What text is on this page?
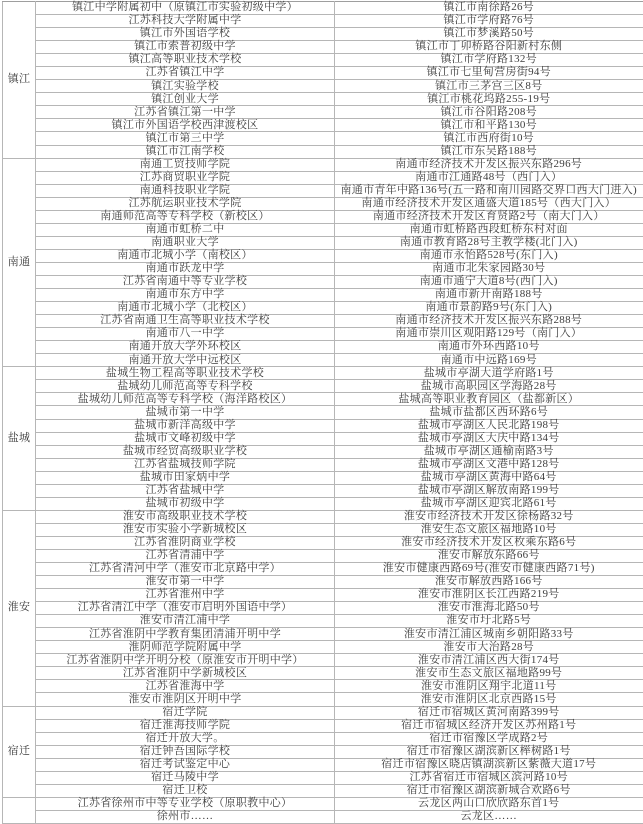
镇江	镇江中学附属初中（原镇江市实验初级中学）	镇江市南徐路26号
	江苏科技大学附属中学	镇江市学府路76号
	镇江市外国语学校	镇江市梦溪路50号
	镇江市索普初级中学	镇江市丁卯桥路谷阳新村东侧
	镇江高等职业技术学校	镇江市学府路132号
	江苏省镇江中学	镇江市七里甸营房街94号
	镇江实验学校	镇江市三茅宫三区8号
	镇江创业大学	镇江市桃花坞路255-19号
	江苏省镇江第一中学	镇江市谷阳路208号
	镇江市外国语学校西津渡校区	镇江市和平路130号
	镇江市第三中学	镇江市西府街10号
	镇江市江南学校	镇江市东吴路188号
南通	南通工贸技师学院	南通市经济技术开发区振兴东路296号
	江苏商贸职业学院	南通市江通路48号（西门入）
	南通科技职业学院	南通市青年中路136号(五一路和南川园路交界口西大门进入)
	江苏航运职业技术学院	南通市经济技术开发区通盛大道185号（西大门入）
	南通师范高等专科学校（新校区）	南通市经济技术开发区育贤路2号（南大门入）
	南通市虹桥二中	南通市虹桥路西段虹桥东村对面
	南通职业大学	南通市教育路28号主教学楼(北门入)
	南通市北城小学（南校区）	南通市永怡路528号(东门入)
	南通市跃龙中学	南通市北朱家园路30号
	江苏省南通中等专业学校	南通市通宁大道8号(西门入)
	南通市东方中学	南通市新开南路188号
	南通市北城小学（北校区）	南通市景韵路9号(东门入)
	江苏省南通卫生高等职业技术学校	南通市经济技术开发区振兴东路288号
	南通市八一中学	南通市崇川区观阳路129号（南门入）
	南通开放大学外环校区	南通市外环西路10号
	南通开放大学中远校区	南通市中远路169号
盐城	盐城生物工程高等职业技术学校	盐城市亭湖大道学府路1号
	盐城幼儿师范高等专科学校	盐城市高职园区学海路28号
	盐城幼儿师范高等专科学校（海洋路校区）	盐城高等职业教育园区（盐都新区）
	盐城市第一中学	盐城市盐都区西环路6号
	盐城市新洋高级中学	盐城市亭湖区人民北路198号
	盐城市文峰初级中学	盐城市亭湖区大庆中路134号
	盐城市经贸高级职业学校	盐城市亭湖区通榆南路3号
	江苏省盐城技师学院	盐城市亭湖区文港中路128号
	盐城市田家炳中学	盐城市亭湖区黄海中路64号
	江苏省盐城中学	盐城市亭湖区解放南路199号
	盐城市初级中学	盐城市亭湖区迎宾北路61号
淮安	淮安市高级职业技术学校	淮安市经济技术开发区徐杨路32号
	淮安市实验小学新城校区	淮安生态文旅区福地路10号
	江苏省淮阴商业学校	淮安市经济技术开发区枚乘东路6号
	江苏省清浦中学	淮安市解放东路66号
	江苏省清河中学（淮安市北京路中学）	淮安市健康西路69号(淮安市健康西路71号)
	淮安市第一中学	淮安市解放西路166号
	江苏省淮州中学	淮安市淮阴区长江西路219号
	江苏省清江中学（淮安市启明外国语中学）	淮安市淮海北路50号
	淮安市清江浦中学	淮安市圩北路5号
	江苏省淮阴中学教育集团清浦开明中学	淮安市清江浦区城南乡朝阳路33号
	淮阴师范学院附属中学	淮安市大治路28号
	江苏省淮阴中学开明分校（原淮安市开明中学）	淮安市清江浦区西大街174号
	江苏省淮阴中学新城校区	淮安市生态文旅区福地路99号
	江苏省淮海中学	淮安市淮阴区翔宇北道11号
	淮安市淮阴区开明中学	淮安市淮阴区北京西路15号
宿迁	宿迁学院	宿迁市宿城区黄河南路399号
	宿迁淮海技师学院	宿迁市宿城区经济开发区苏州路1号
	宿迁开放大学。	宿迁市宿豫区学成路2号
	宿迁钟吾国际学校	宿迁市宿豫区湖滨新区榉树路1号
	宿迁考试鉴定中心	宿迁市宿豫区晓店镇湖滨新区紫薇大道17号
	宿迁马陵中学	江苏省宿迁市宿城区滨河路10号
	宿迁卫校	宿迁市宿豫区湖滨新城合欢路6号
	江苏省徐州市中等专业学校（原职教中心）	云龙区两山口欣欣路东首1号
	徐州市……	云龙区……
